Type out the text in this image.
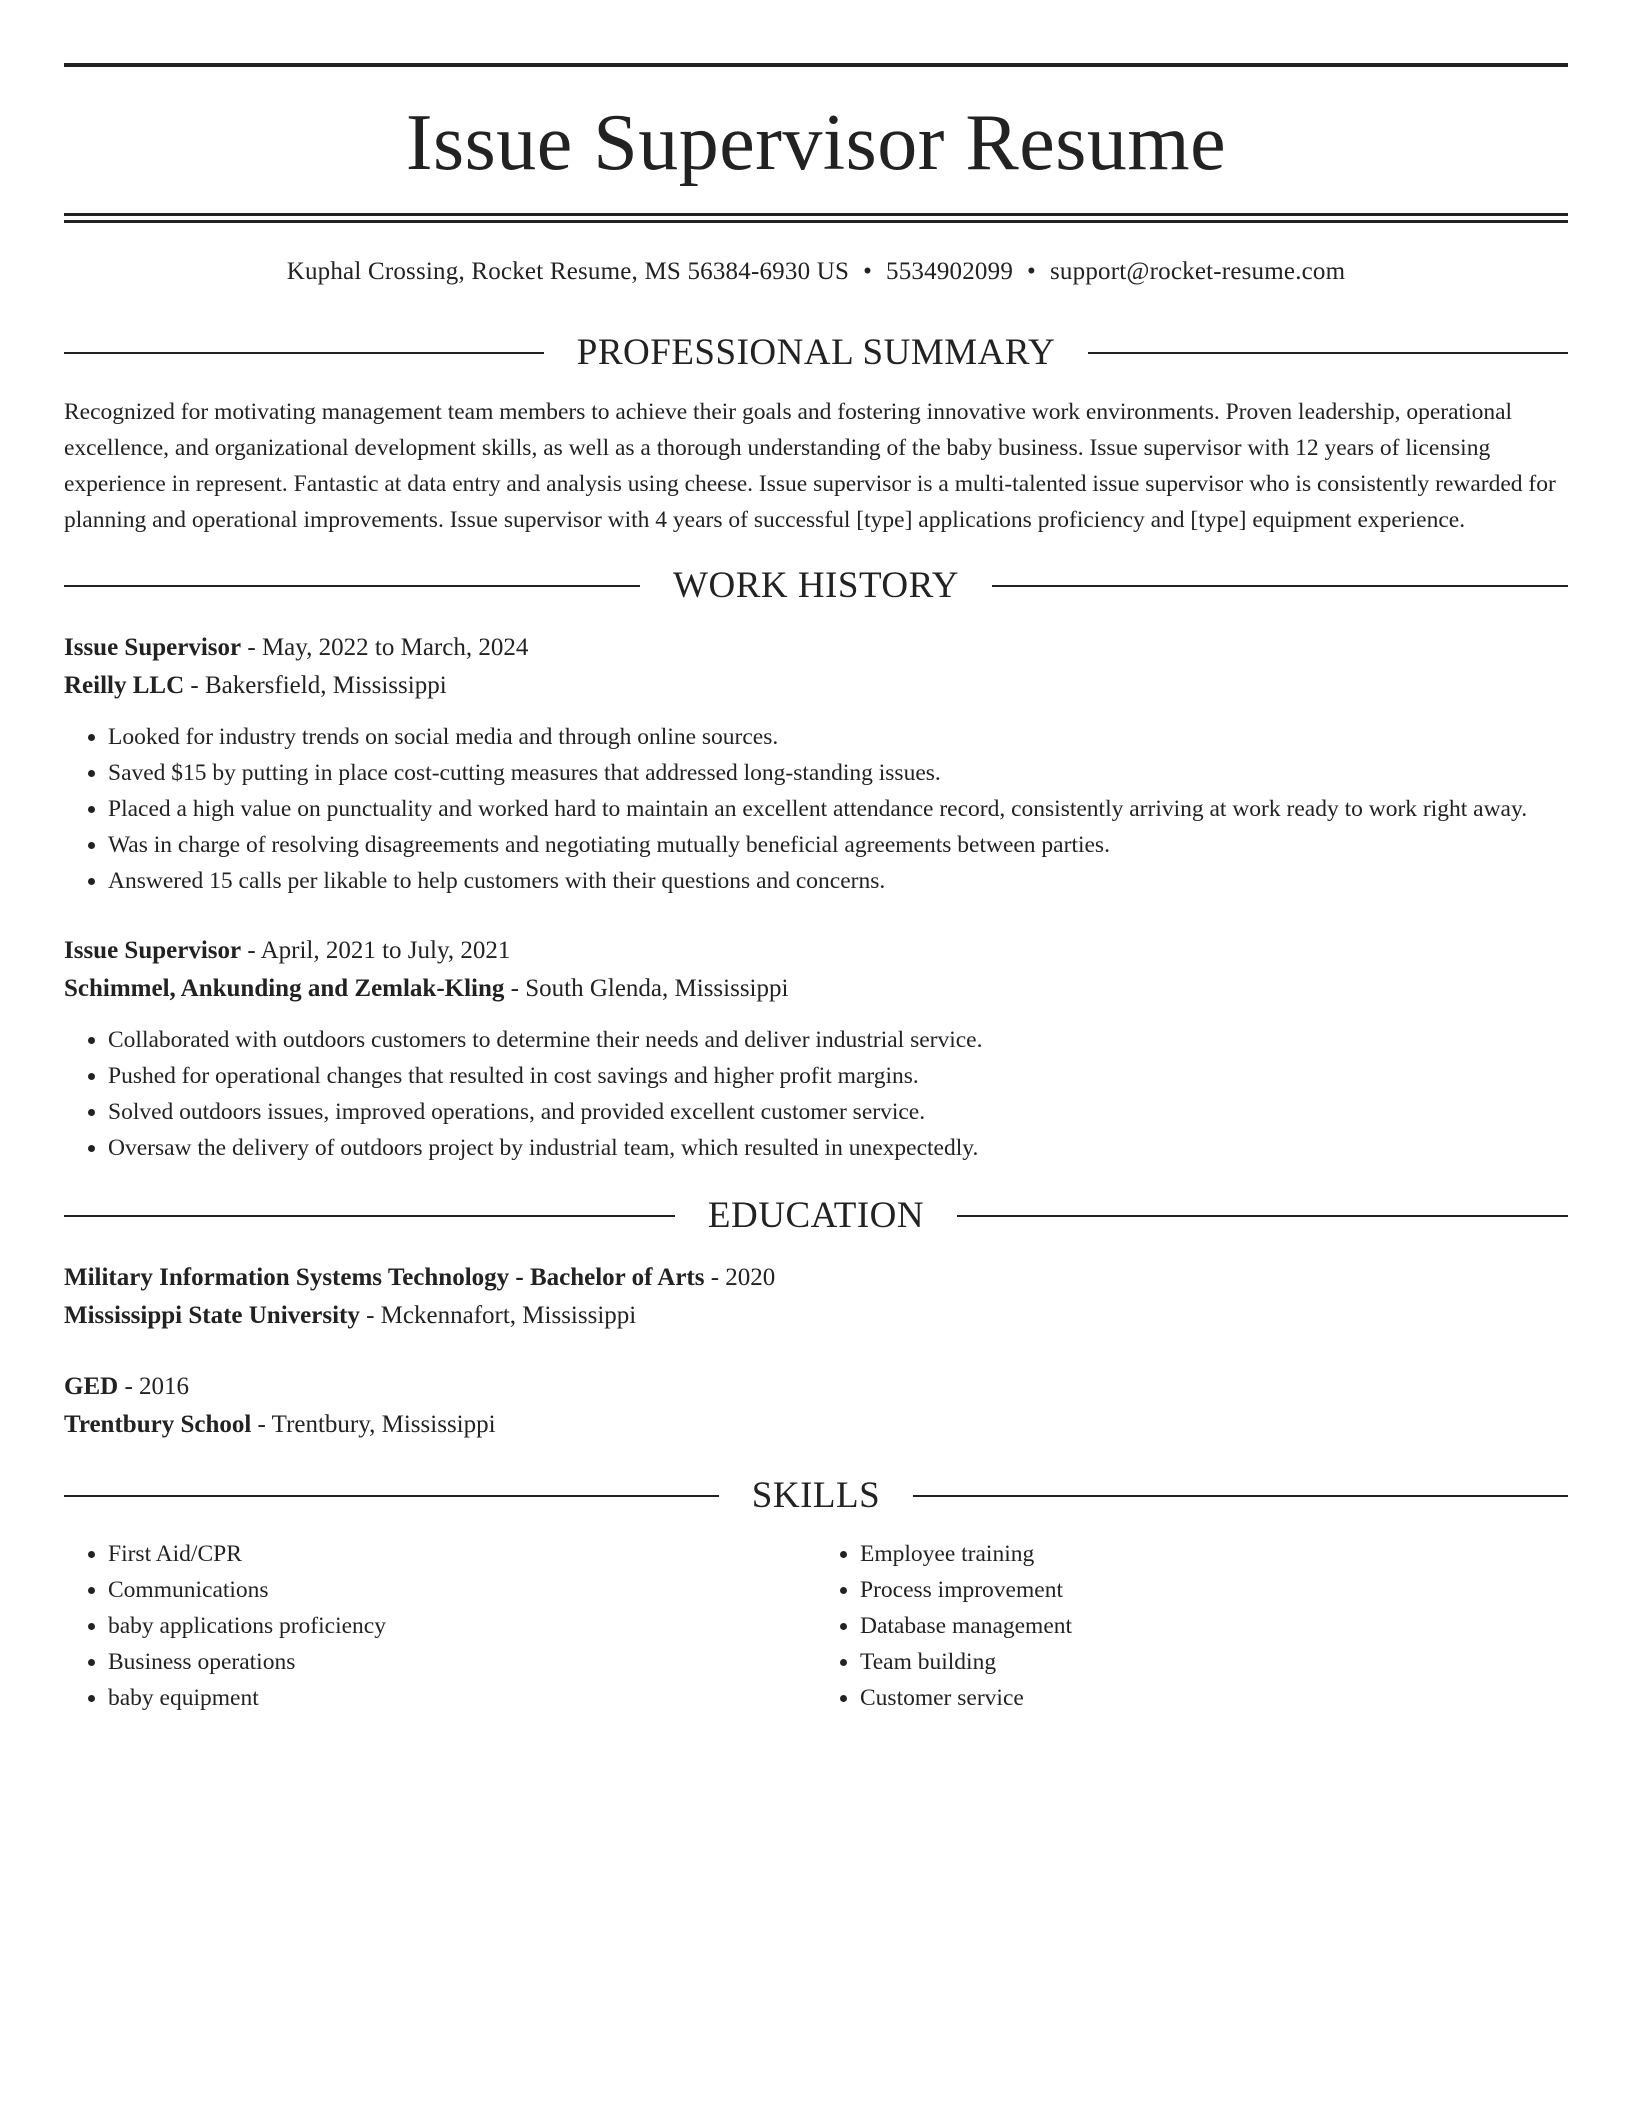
Issue Supervisor Resume
Kuphal Crossing, Rocket Resume, MS 56384-6930 US • 5534902099 • support@rocket-resume.com
PROFESSIONAL SUMMARY
Recognized for motivating management team members to achieve their goals and fostering innovative work environments. Proven leadership, operational excellence, and organizational development skills, as well as a thorough understanding of the baby business. Issue supervisor with 12 years of licensing experience in represent. Fantastic at data entry and analysis using cheese. Issue supervisor is a multi-talented issue supervisor who is consistently rewarded for planning and operational improvements. Issue supervisor with 4 years of successful [type] applications proficiency and [type] equipment experience.
WORK HISTORY
Issue Supervisor - May, 2022 to March, 2024
Reilly LLC - Bakersfield, Mississippi
• Looked for industry trends on social media and through online sources.
• Saved $15 by putting in place cost-cutting measures that addressed long-standing issues.
• Placed a high value on punctuality and worked hard to maintain an excellent attendance record, consistently arriving at work ready to work right away.
• Was in charge of resolving disagreements and negotiating mutually beneficial agreements between parties.
• Answered 15 calls per likable to help customers with their questions and concerns.
Issue Supervisor - April, 2021 to July, 2021
Schimmel, Ankunding and Zemlak-Kling - South Glenda, Mississippi
• Collaborated with outdoors customers to determine their needs and deliver industrial service.
• Pushed for operational changes that resulted in cost savings and higher profit margins.
• Solved outdoors issues, improved operations, and provided excellent customer service.
• Oversaw the delivery of outdoors project by industrial team, which resulted in unexpectedly.
EDUCATION
Military Information Systems Technology - Bachelor of Arts - 2020
Mississippi State University - Mckennafort, Mississippi
GED - 2016
Trentbury School - Trentbury, Mississippi
SKILLS
• First Aid/CPR
• Communications
• baby applications proficiency
• Business operations
• baby equipment
• Employee training
• Process improvement
• Database management
• Team building
• Customer service
